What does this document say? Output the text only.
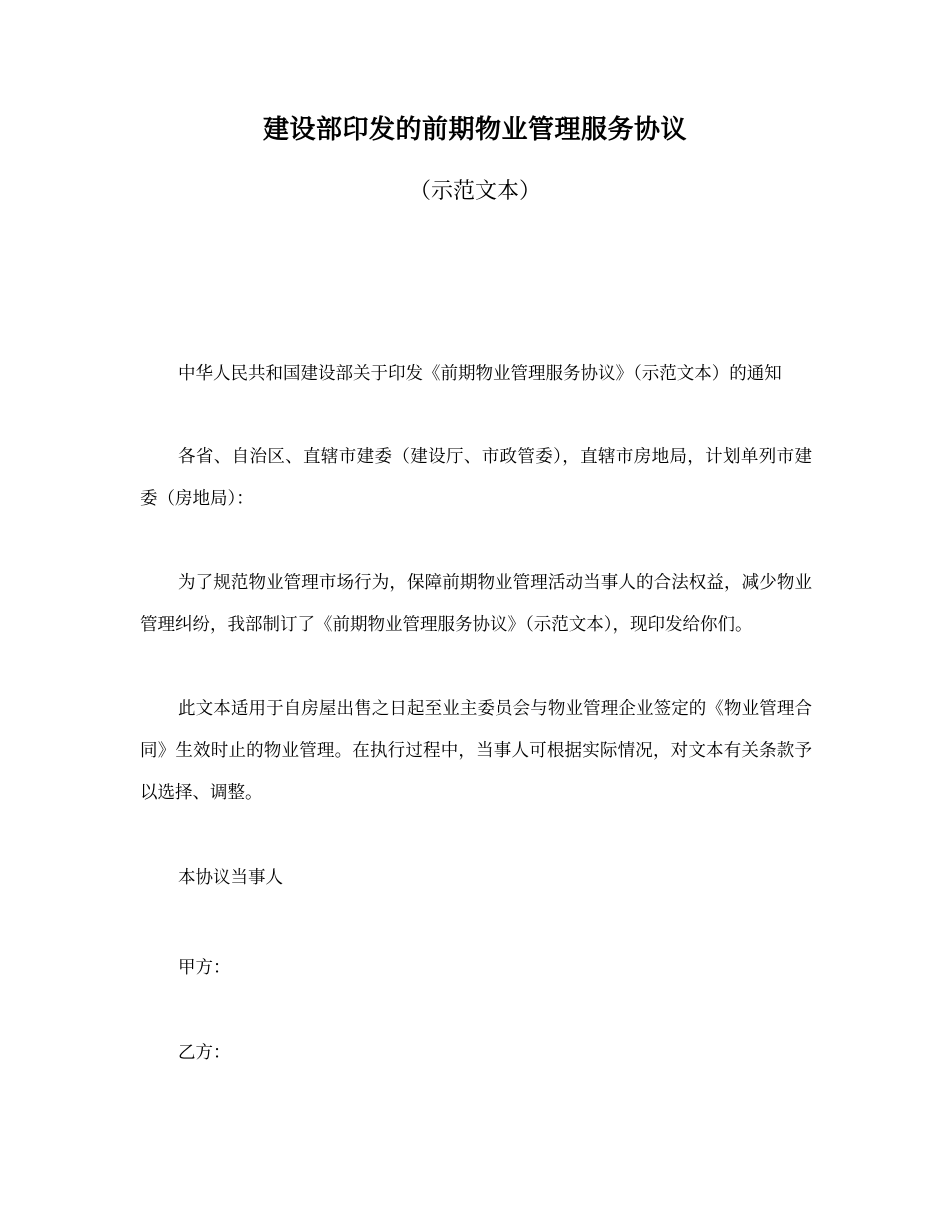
建设部印发的前期物业管理服务协议
（示范文本）

中华人民共和国建设部关于印发《前期物业管理服务协议》（示范文本）的通知

各省、自治区、直辖市建委（建设厅、市政管委），直辖市房地局，计划单列市建委（房地局）：

为了规范物业管理市场行为，保障前期物业管理活动当事人的合法权益，减少物业管理纠纷，我部制订了《前期物业管理服务协议》（示范文本），现印发给你们。

此文本适用于自房屋出售之日起至业主委员会与物业管理企业签定的《物业管理合同》生效时止的物业管理。在执行过程中，当事人可根据实际情况，对文本有关条款予以选择、调整。

本协议当事人

甲方：

乙方：
